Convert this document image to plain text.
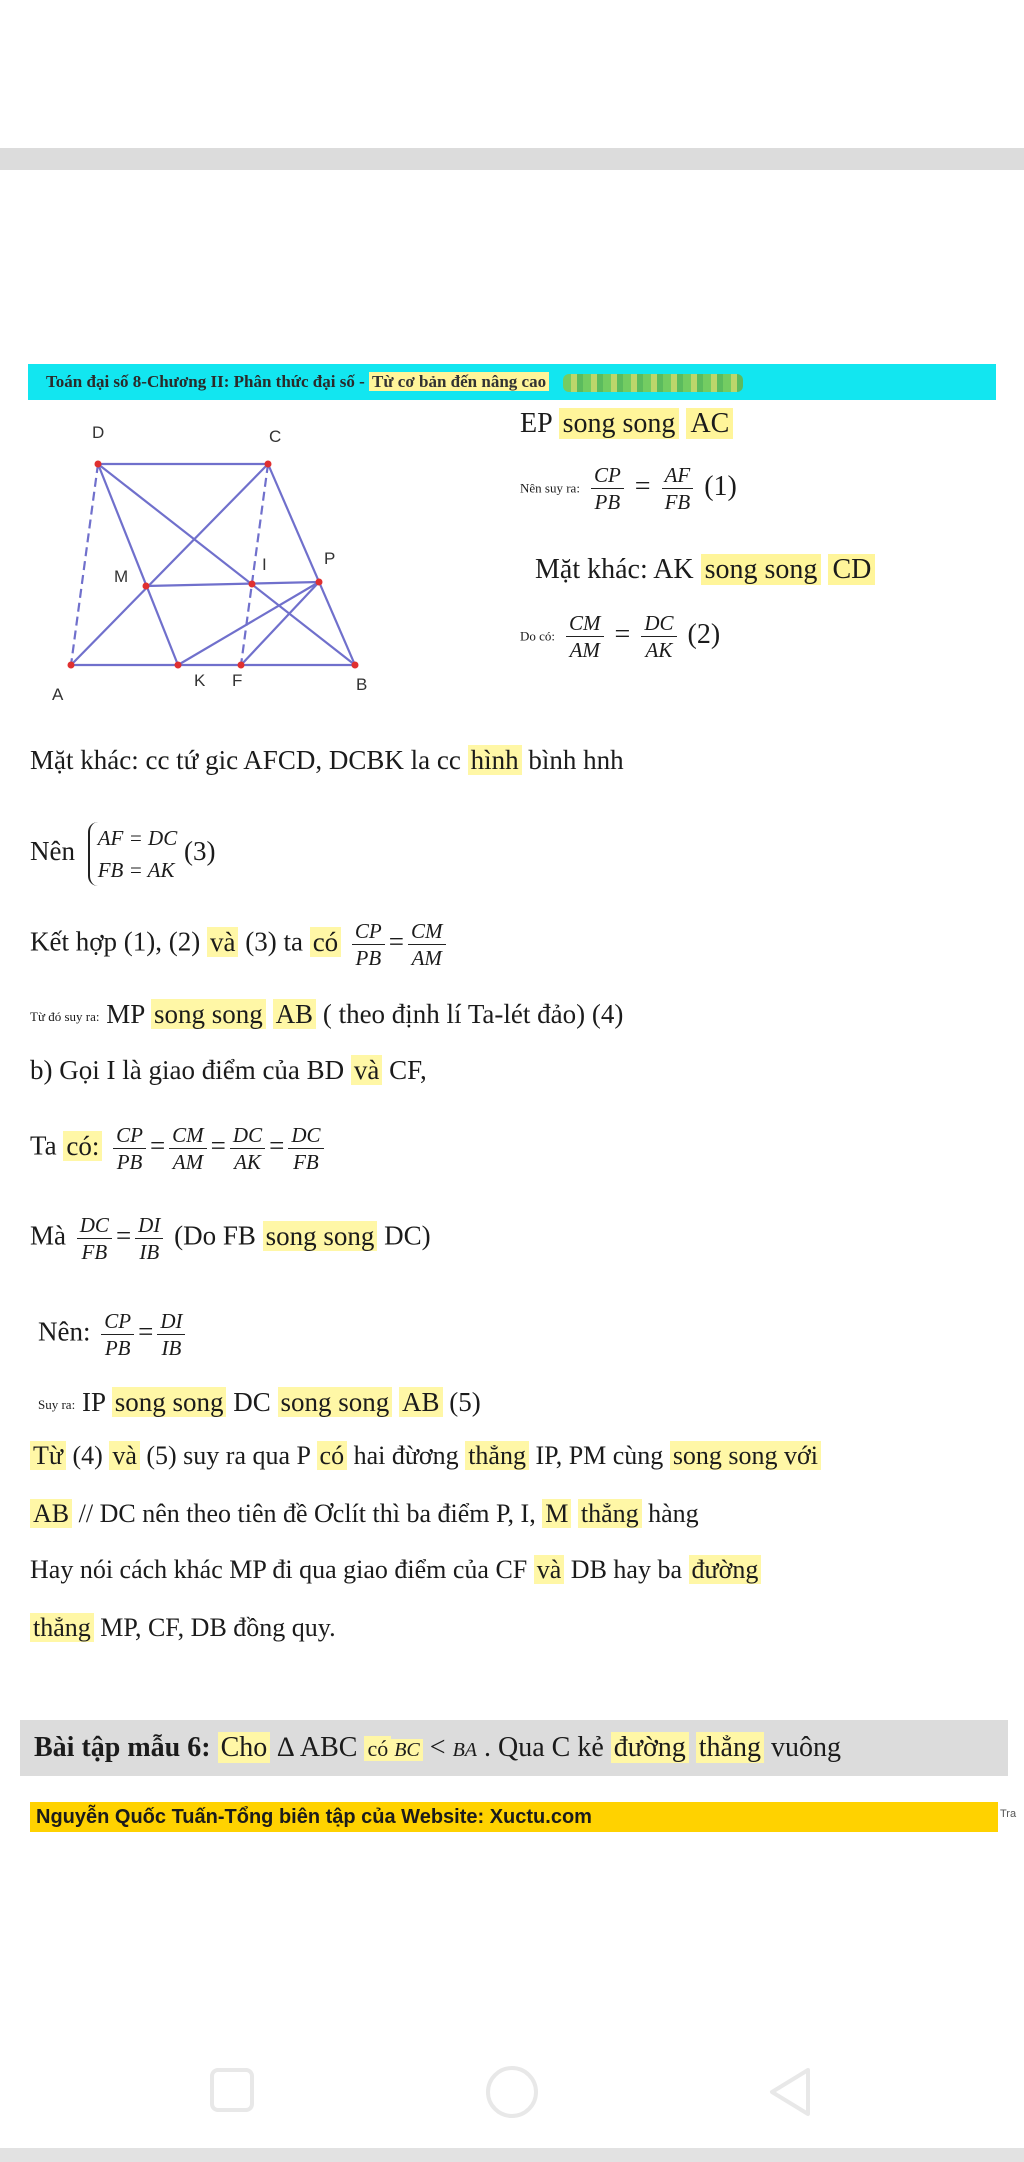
Toán đại số 8-Chương II: Phân thức đại số - Từ cơ bản đến nâng cao
D	C
M
I	P
A
K F	B
EP song song AC
Nên suy ra: $\frac{CP}{PB} = \frac{AF}{FB} (1)$
Mặt khác: AK song song CD
Do có: $\frac{CM}{AM} = \frac{DC}{AK} (2)$
Mặt khác: cc tứ gic AFCD, DCBK la cc hình bình hnh
Nên AF = DC
FB = AK
(3)
Kết hợp (1), (2) và (3) ta có $\frac{CP}{PB} = \frac{CM}{AM}$
Từ đó suy ra: MP song song AB ( theo định lí Ta-lét đảo) (4)
b) Gọi I là giao điểm của BD và CF,
Ta có: $\frac{CP}{PB} = \frac{CM}{AM} = \frac{DC}{AK} = \frac{DC}{FB}$
Mà $\frac{DC}{FB} = \frac{DI}{IB} (Do$ FB song song DC)
Nên: $\frac{CP}{PB} = \frac{DI}{IB}$
Suy ra: IP song song DC song song AB (5)
Từ (4) và (5) suy ra qua P có hai đừơng thẳng IP, PM cùng song song với
AB // DC nên theo tiên đề Ơclít thì ba điểm P, I, M thẳng hàng
Hay nói cách khác MP đi qua giao điểm của CF và DB hay ba đường
thẳng MP, CF, DB đồng quy.
Bài tập mẫu 6: Cho ∆ ABC có BC < BA . Qua C kẻ đường thẳng vuông
Nguyễn Quốc Tuấn-Tổng biên tập của Website: Xuctu.com	Tra
